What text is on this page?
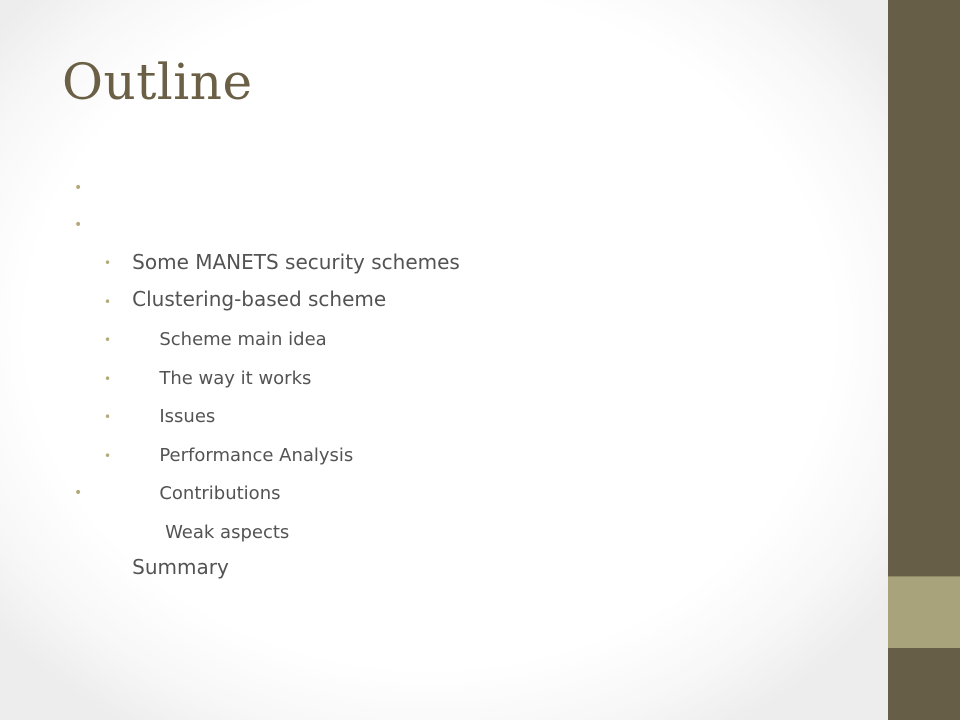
Outline

•

Some MANETS security schemes

•

Clustering-based scheme

•

Scheme main idea

•

The way it works

•

Issues

•

Performance Analysis

•

Contributions

•

Weak aspects

•

Summary
